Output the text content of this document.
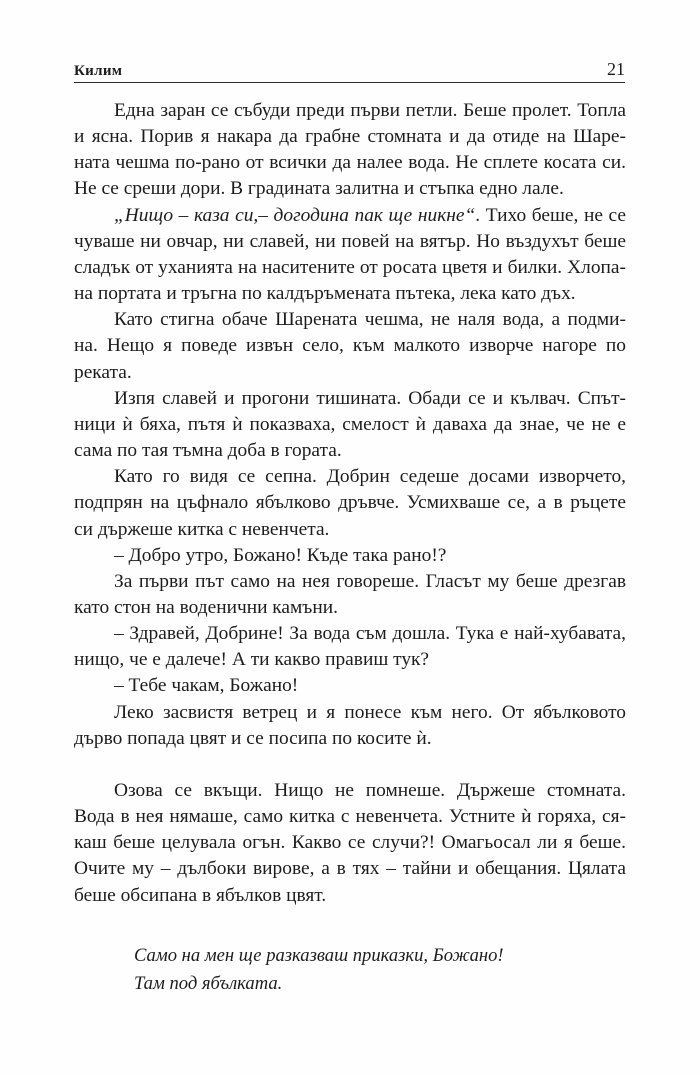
Килим	21
Една заран се събуди преди първи петли. Беше пролет. Топла
и ясна. Порив я накара да грабне стомната и да отиде на Шаре-
ната чешма по-рано от всички да налее вода. Не сплете косата си.
Не се среши дори. В градината залитна и стъпка едно лале.
„Нищо – каза си,– догодина пак ще никне“. Тихо беше, не се
чуваше ни овчар, ни славей, ни повей на вятър. Но въздухът беше
сладък от уханията на наситените от росата цветя и билки. Хлопа-
на портата и тръгна по калдъръмената пътека, лека като дъх.
Като стигна обаче Шарената чешма, не наля вода, а подми-
на. Нещо я поведе извън село, към малкото изворче нагоре по
реката.
Изпя славей и прогони тишината. Обади се и кълвач. Спът-
ници ѝ бяха, пътя ѝ показваха, смелост ѝ даваха да знае, че не е
сама по тая тъмна доба в гората.
Като го видя се сепна. Добрин седеше досами изворчето,
подпрян на цъфнало ябълково дръвче. Усмихваше се, а в ръцете
си държеше китка с невенчета.
– Добро утро, Божано! Къде така рано!?
За първи път само на нея говореше. Гласът му беше дрезгав
като стон на воденични камъни.
– Здравей, Добрине! За вода съм дошла. Тука е най-хубавата,
нищо, че е далече! А ти какво правиш тук?
– Тебе чакам, Божано!
Леко засвистя ветрец и я понесе към него. От ябълковото
дърво попада цвят и се посипа по косите ѝ.
Озова се вкъщи. Нищо не помнеше. Държеше стомната.
Вода в нея нямаше, само китка с невенчета. Устните ѝ горяха, ся-
каш беше целувала огън. Какво се случи?! Омагьосал ли я беше.
Очите му – дълбоки вирове, а в тях – тайни и обещания. Цялата
беше обсипана в ябълков цвят.
Само на мен ще разказваш приказки, Божано!
Там под ябълката.
